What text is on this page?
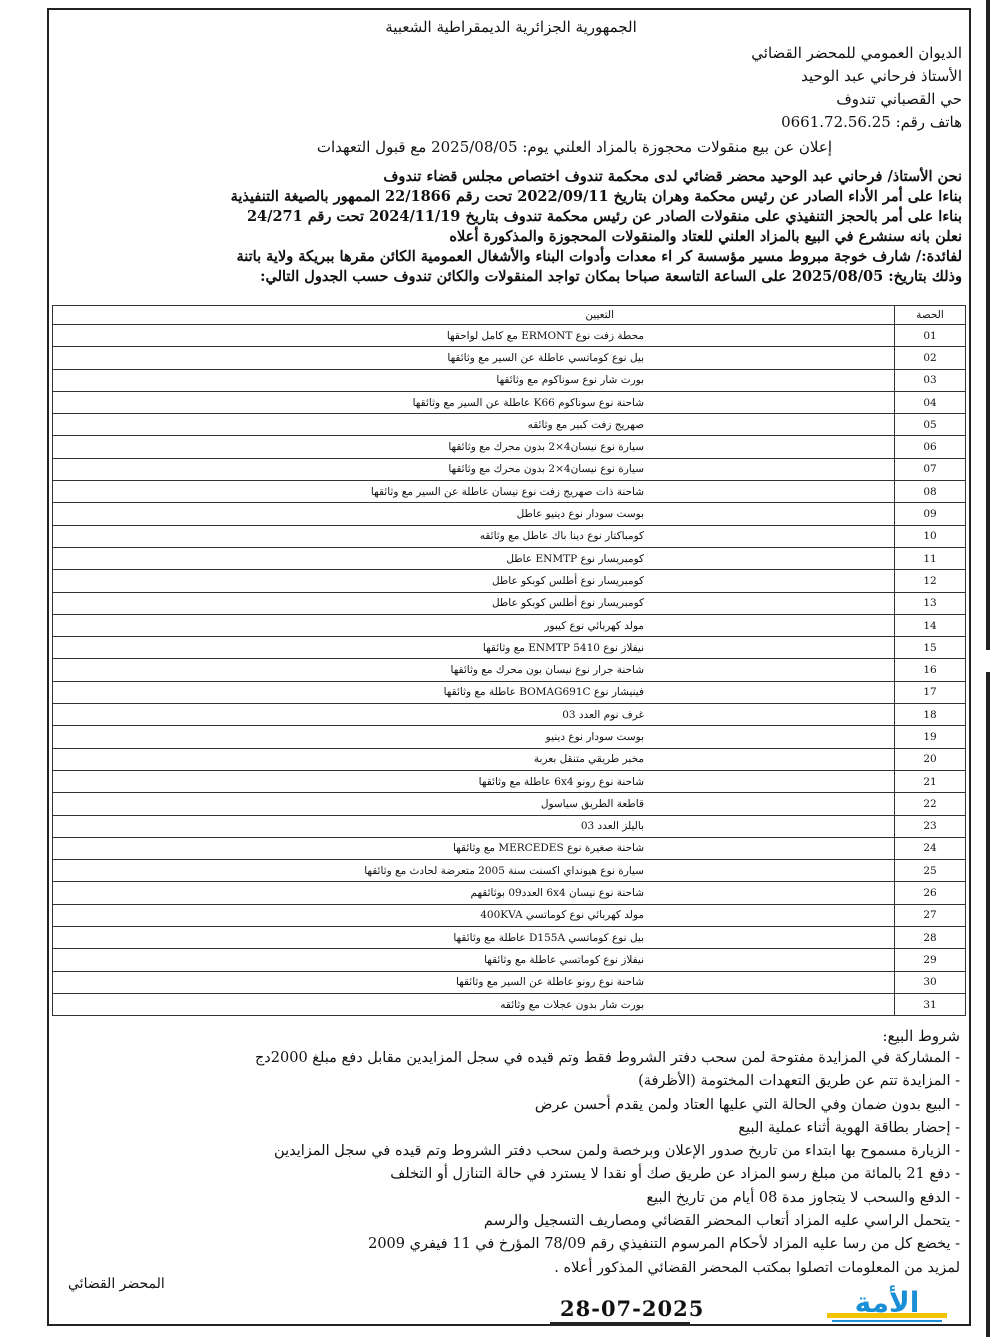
الجمهورية الجزائرية الديمقراطية الشعبية
الديوان العمومي للمحضر القضائي
الأستاذ فرحاني عبد الوحيد
حي القصباني تندوف
هاتف رقم: 0661.72.56.25
إعلان عن بيع منقولات محجوزة بالمزاد العلني يوم: 2025/08/05 مع قبول التعهدات
نحن الأستاذ/ فرحاني عبد الوحيد محضر قضائي لدى محكمة تندوف اختصاص مجلس قضاء تندوف
بناءا على أمر الأداء الصادر عن رئيس محكمة وهران بتاريخ 2022/09/11 تحت رقم 22/1866 الممهور بالصيغة التنفيذية
بناءا على أمر بالحجز التنفيذي على منقولات الصادر عن رئيس محكمة تندوف بتاريخ 2024/11/19 تحت رقم 24/271
نعلن بانه سنشرع في البيع بالمزاد العلني للعتاد والمنقولات المحجوزة والمذكورة أعلاه
لفائدة:/ شارف خوجة مبروط مسير مؤسسة كر اء معدات وأدوات البناء والأشغال العمومية الكائن مقرها ببريكة ولاية باتنة
وذلك بتاريخ: 2025/08/05 على الساعة التاسعة صباحا بمكان تواجد المنقولات والكائن تندوف حسب الجدول التالي:
الحصة	التعيين
01	محطة زفت نوع ERMONT مع كامل لواحقها
02	بيل نوع كوماتسي عاطلة عن السير مع وثائقها
03	بورت شار نوع سوناكوم مع وثائقها
04	شاحنة نوع سوناكوم K66 عاطلة عن السير مع وثائقها
05	صهريج زفت كبير مع وثائقه
06	سيارة نوع نيسان4×2 بدون محرك مع وثائقها
07	سيارة نوع نيسان4×2 بدون محرك مع وثائقها
08	شاحنة ذات صهريج زفت نوع نيسان عاطلة عن السير مع وثائقها
09	بوست سودار نوع دينيو عاطل
10	كومباكتار نوع دينا باك عاطل مع وثائقه
11	كومبريسار نوع ENMTP عاطل
12	كومبريسار نوع أطلس كوبكو عاطل
13	كومبريسار نوع أطلس كوبكو عاطل
14	مولد كهربائي نوع كيبور
15	نيفلاز نوع ENMTP 5410 مع وثائقها
16	شاحنة جرار نوع نيسان بون محرك مع وثائقها
17	فينيشار نوع BOMAG691C عاطلة مع وثائقها
18	غرف نوم العدد 03
19	بوست سودار نوع دينيو
20	مخبر طريقي متنقل بعربة
21	شاحنة نوع رونو 6x4 عاطلة مع وثائقها
22	قاطعة الطريق سياسول
23	باليلز العدد 03
24	شاحنة صغيرة نوع MERCEDES مع وثائقها
25	سيارة نوع هيونداي اكسنت سنة 2005 متعرضة لحادث مع وثائقها
26	شاحنة نوع نيسان 6x4 العدد09 بوثائقهم
27	مولد كهربائي نوع كوماتسي 400KVA
28	بيل نوع كوماتسي D155A عاطلة مع وثائقها
29	نيفلاز نوع كوماتسي عاطلة مع وثائقها
30	شاحنة نوع رونو عاطلة عن السير مع وثائقها
31	بورت شار بدون عجلات مع وثائقه
شروط البيع:
- المشاركة في المزايدة مفتوحة لمن سحب دفتر الشروط فقط وتم قيده في سجل المزايدين مقابل دفع مبلغ 2000دج
- المزايدة تتم عن طريق التعهدات المختومة (الأظرفة)
- البيع بدون ضمان وفي الحالة التي عليها العتاد ولمن يقدم أحسن عرض
- إحضار بطاقة الهوية أثناء عملية البيع
- الزيارة مسموح بها ابتداء من تاريخ صدور الإعلان وبرخصة ولمن سحب دفتر الشروط وتم قيده في سجل المزايدين
- دفع 21 بالمائة من مبلغ رسو المزاد عن طريق صك أو نقدا لا يسترد في حالة التنازل أو التخلف
- الدفع والسحب لا يتجاوز مدة 08 أيام من تاريخ البيع
- يتحمل الراسي عليه المزاد أتعاب المحضر القضائي ومصاريف التسجيل والرسم
- يخضع كل من رسا عليه المزاد لأحكام المرسوم التنفيذي رقم 78/09 المؤرخ في 11 فيفري 2009
لمزيد من المعلومات اتصلوا بمكتب المحضر القضائي المذكور أعلاه .
المحضر القضائي
28-07-2025	الأمة
